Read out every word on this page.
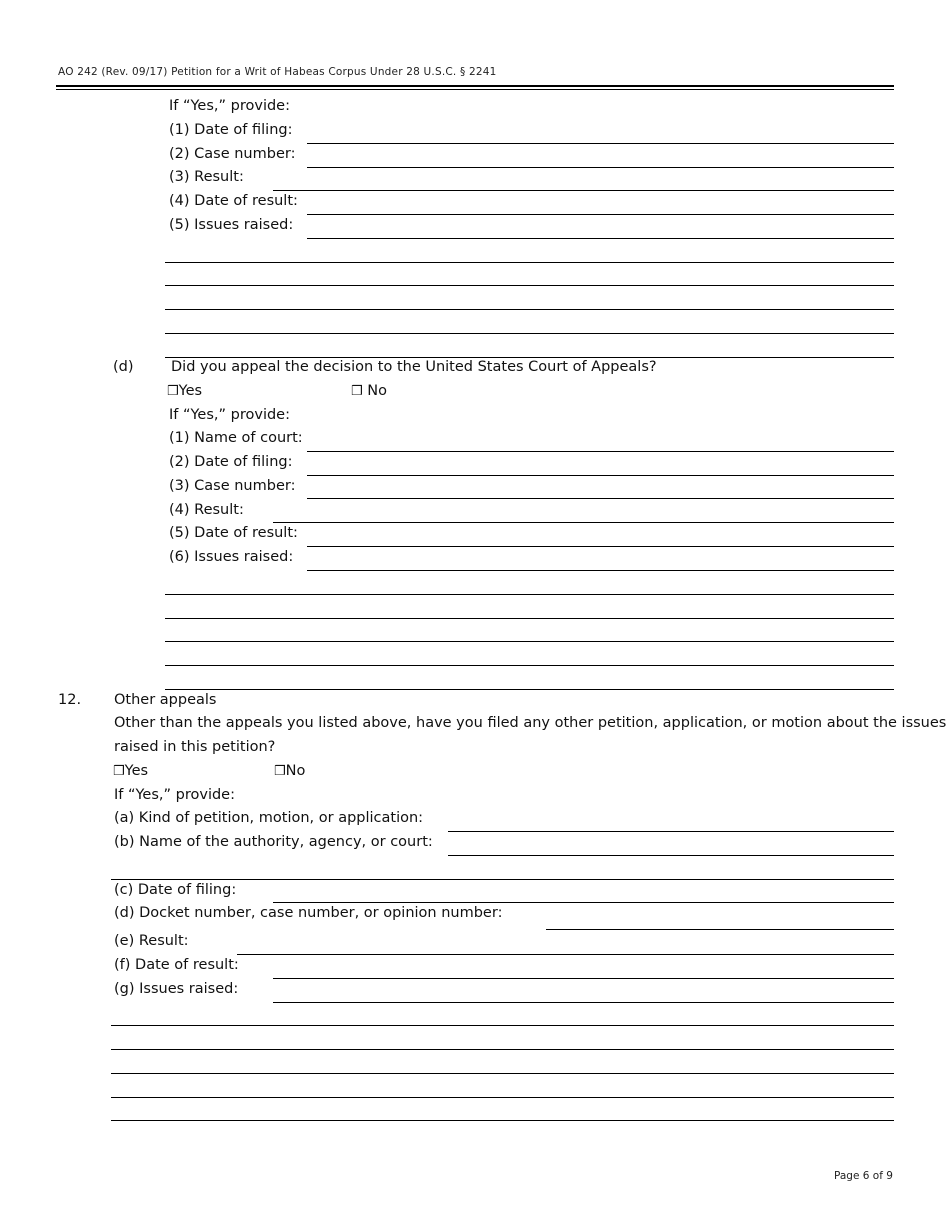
AO 242 (Rev. 09/17) Petition for a Writ of Habeas Corpus Under 28 U.S.C. § 2241
If “Yes,” provide:
(1) Date of filing:
(2) Case number:
(3) Result:
(4) Date of result:
(5) Issues raised:
(d)	Did you appeal the decision to the United States Court of Appeals?
❒Yes	❒ No
If “Yes,” provide:
(1) Name of court:
(2) Date of filing:
(3) Case number:
(4) Result:
(5) Date of result:
(6) Issues raised:
12. Other appeals
Other than the appeals you listed above, have you filed any other petition, application, or motion about the issues
raised in this petition?
❒Yes	❒No
If “Yes,” provide:
(a) Kind of petition, motion, or application:
(b) Name of the authority, agency, or court:
(c) Date of filing:
(d) Docket number, case number, or opinion number:
(e) Result:
(f) Date of result:
(g) Issues raised:
Page 6 of 9
